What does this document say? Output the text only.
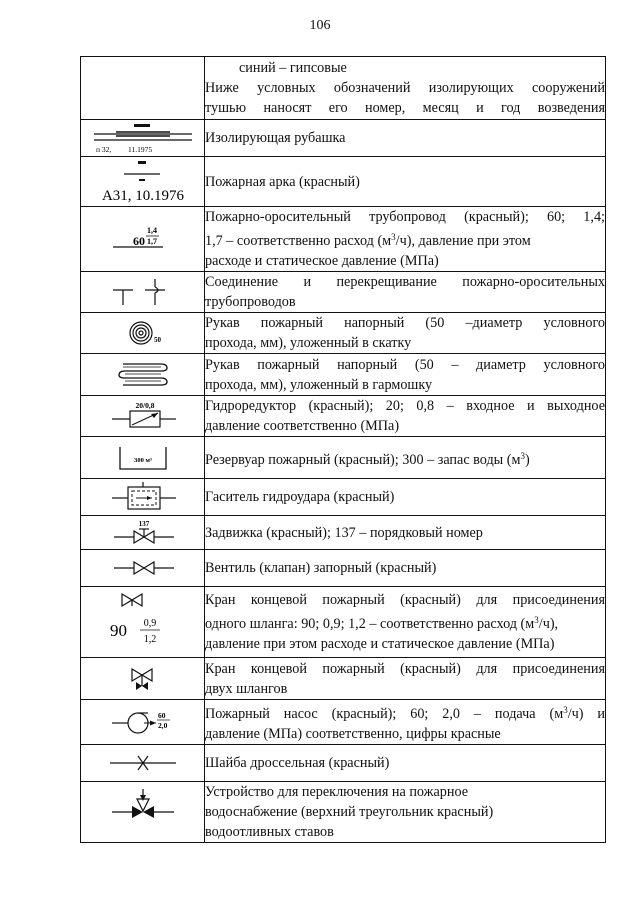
106

	синий – гипсовые
Ниже условных обозначений изолирующих сооружений
тушью наносят его номер, месяц и год возведения

п 32, 11.1975	Изолирующая рубашка

А31, 10.1976	Пожарная арка (красный)

60
1,4
1,7	Пожарно-оросительный трубопровод (красный); 60; 1,4;
1,7 – соответственно расход $(м^3/ч)$, давление при этом
расходе и статическое давление (МПа)

Соединение и перекрещивание пожарно-оросительных
трубопроводов

50	Рукав пожарный напорный (50 –диаметр условного
прохода, мм), уложенный в скатку

Рукав пожарный напорный (50 – диаметр условного
прохода, мм), уложенный в гармошку

20/0,8	Гидроредуктор (красный); 20; 0,8 – входное и выходное
давление соответственно (МПа)

300 м³	Резервуар пожарный (красный); 300 – запас воды $(м^3)$

Гаситель гидроудара (красный)

137	Задвижка (красный); 137 – порядковый номер

Вентиль (клапан) запорный (красный)

90 0,9
1,2	Кран концевой пожарный (красный) для присоединения
одного шланга: 90; 0,9; 1,2 – соответственно расход $(м^3/ч)$,
давление при этом расходе и статическое давление (МПа)

Кран концевой пожарный (красный) для присоединения
двух шлангов

60
2,0	Пожарный насос (красный); 60; 2,0 – подача $(м^3/ч)$ и
давление (МПа) соответственно, цифры красные

Шайба дроссельная (красный)

Устройство для переключения на пожарное
водоснабжение (верхний треугольник красный)
водоотливных ставов
